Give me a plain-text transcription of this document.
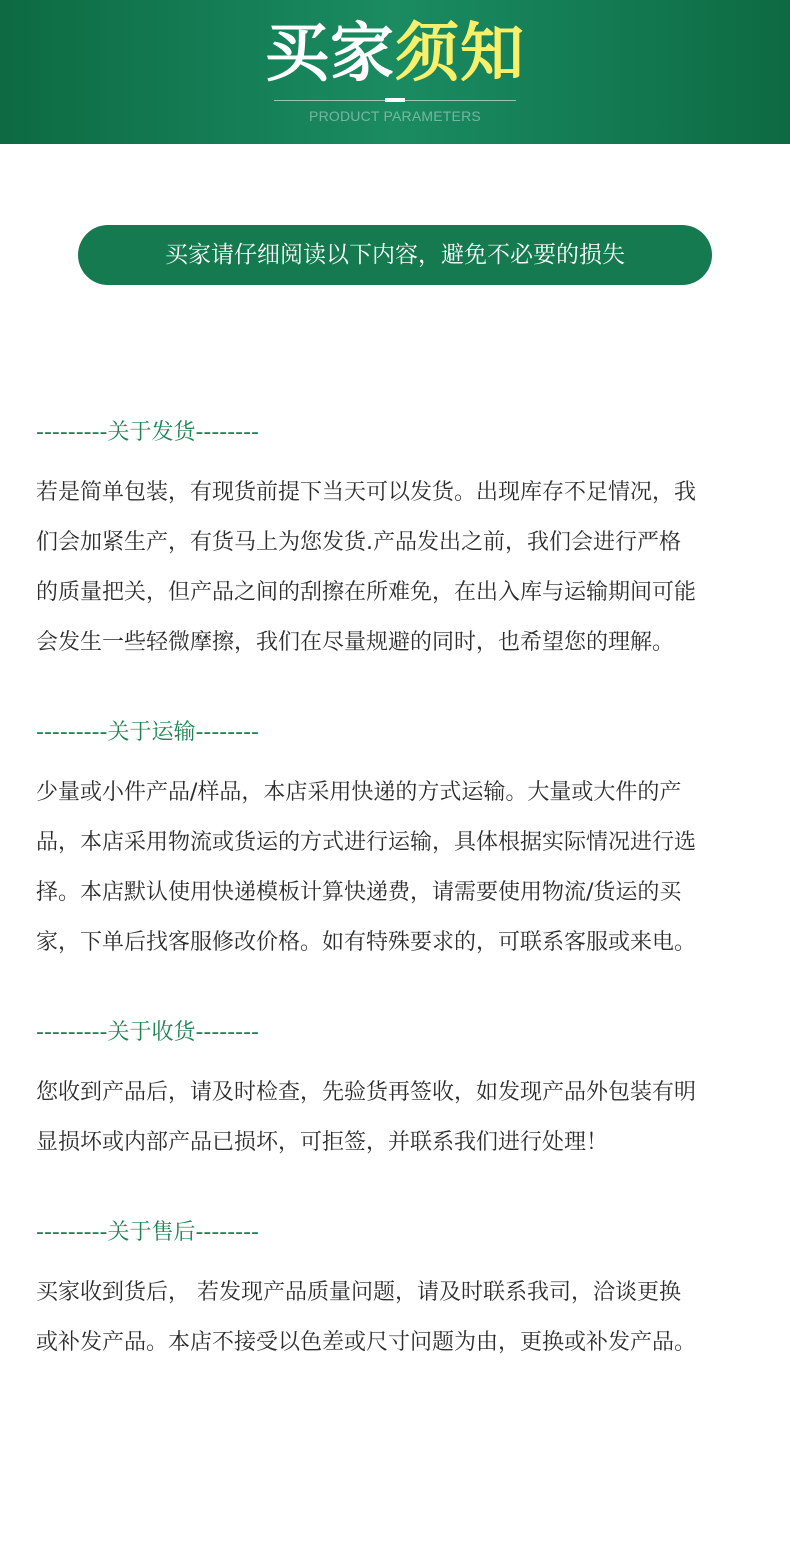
买家须知
PRODUCT PARAMETERS
买家请仔细阅读以下内容，避免不必要的损失
---------关于发货--------
若是简单包装，有现货前提下当天可以发货。出现库存不足情况，我
们会加紧生产，有货马上为您发货.产品发出之前，我们会进行严格
的质量把关，但产品之间的刮擦在所难免，在出入库与运输期间可能
会发生一些轻微摩擦，我们在尽量规避的同时，也希望您的理解。
---------关于运输--------
少量或小件产品/样品，本店采用快递的方式运输。大量或大件的产
品，本店采用物流或货运的方式进行运输，具体根据实际情况进行选
择。本店默认使用快递模板计算快递费，请需要使用物流/货运的买
家，下单后找客服修改价格。如有特殊要求的，可联系客服或来电。
---------关于收货--------
您收到产品后，请及时检查，先验货再签收，如发现产品外包装有明
显损坏或内部产品已损坏，可拒签，并联系我们进行处理！
---------关于售后--------
买家收到货后， 若发现产品质量问题，请及时联系我司，洽谈更换
或补发产品。本店不接受以色差或尺寸问题为由，更换或补发产品。
